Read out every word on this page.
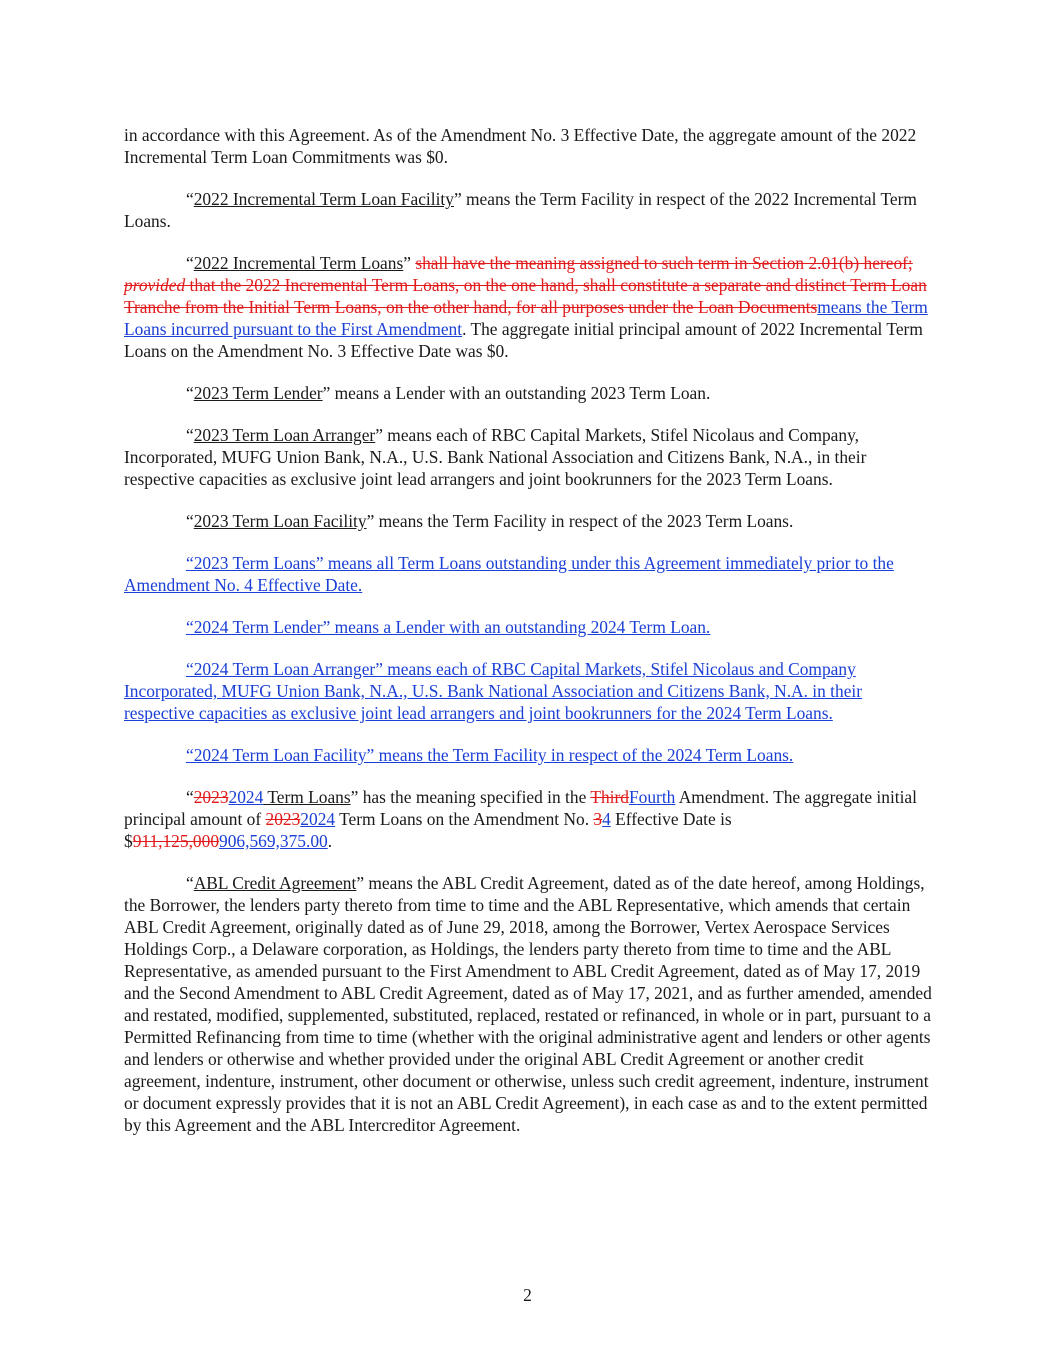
in accordance with this Agreement. As of the Amendment No. 3 Effective Date, the aggregate amount of the 2022 Incremental Term Loan Commitments was $0.

“2022 Incremental Term Loan Facility” means the Term Facility in respect of the 2022 Incremental Term Loans.

“2022 Incremental Term Loans” shall have the meaning assigned to such term in Section 2.01(b) hereof; provided that the 2022 Incremental Term Loans, on the one hand, shall constitute a separate and distinct Term Loan Tranche from the Initial Term Loans, on the other hand, for all purposes under the Loan Documentsmeans the Term Loans incurred pursuant to the First Amendment. The aggregate initial principal amount of 2022 Incremental Term Loans on the Amendment No. 3 Effective Date was $0.

“2023 Term Lender” means a Lender with an outstanding 2023 Term Loan.

“2023 Term Loan Arranger” means each of RBC Capital Markets, Stifel Nicolaus and Company, Incorporated, MUFG Union Bank, N.A., U.S. Bank National Association and Citizens Bank, N.A., in their respective capacities as exclusive joint lead arrangers and joint bookrunners for the 2023 Term Loans.

“2023 Term Loan Facility” means the Term Facility in respect of the 2023 Term Loans.

“2023 Term Loans” means all Term Loans outstanding under this Agreement immediately prior to the Amendment No. 4 Effective Date.

“2024 Term Lender” means a Lender with an outstanding 2024 Term Loan.

“2024 Term Loan Arranger” means each of RBC Capital Markets, Stifel Nicolaus and Company Incorporated, MUFG Union Bank, N.A., U.S. Bank National Association and Citizens Bank, N.A. in their respective capacities as exclusive joint lead arrangers and joint bookrunners for the 2024 Term Loans.

“2024 Term Loan Facility” means the Term Facility in respect of the 2024 Term Loans.

“20232024 Term Loans” has the meaning specified in the ThirdFourth Amendment. The aggregate initial principal amount of 20232024 Term Loans on the Amendment No. 34 Effective Date is $911,125,000906,569,375.00.

“ABL Credit Agreement” means the ABL Credit Agreement, dated as of the date hereof, among Holdings, the Borrower, the lenders party thereto from time to time and the ABL Representative, which amends that certain ABL Credit Agreement, originally dated as of June 29, 2018, among the Borrower, Vertex Aerospace Services Holdings Corp., a Delaware corporation, as Holdings, the lenders party thereto from time to time and the ABL Representative, as amended pursuant to the First Amendment to ABL Credit Agreement, dated as of May 17, 2019 and the Second Amendment to ABL Credit Agreement, dated as of May 17, 2021, and as further amended, amended and restated, modified, supplemented, substituted, replaced, restated or refinanced, in whole or in part, pursuant to a Permitted Refinancing from time to time (whether with the original administrative agent and lenders or other agents and lenders or otherwise and whether provided under the original ABL Credit Agreement or another credit agreement, indenture, instrument, other document or otherwise, unless such credit agreement, indenture, instrument or document expressly provides that it is not an ABL Credit Agreement), in each case as and to the extent permitted by this Agreement and the ABL Intercreditor Agreement.

2
